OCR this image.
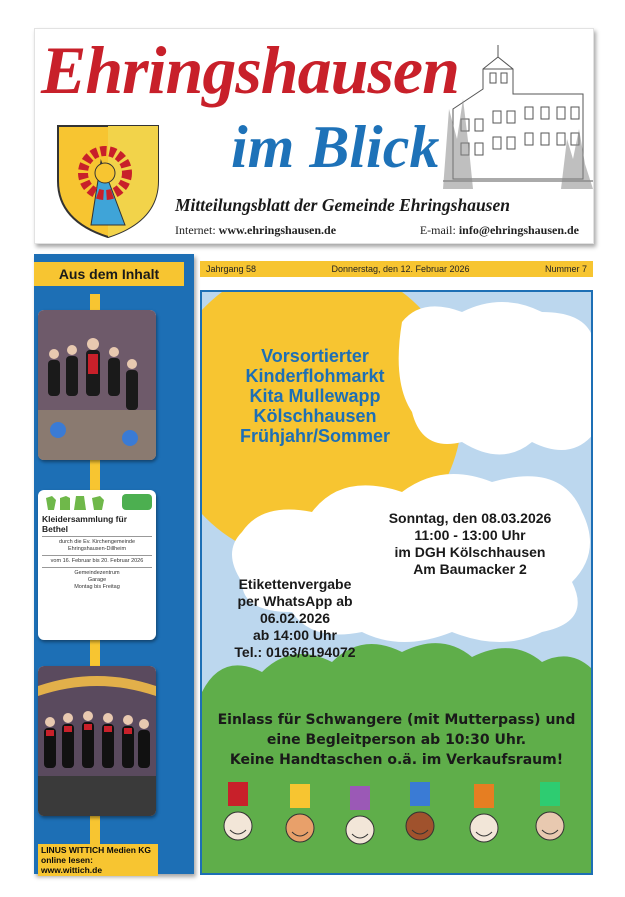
Ehringshausen
im Blick
Mitteilungsblatt der Gemeinde Ehringshausen
Internet: www.ehringshausen.de	E-mail: info@ehringshausen.de
Aus dem Inhalt
Kleidersammlung für Bethel
durch die Ev. Kirchengemeinde
Ehringshausen-Dillheim
vom 16. Februar bis 20. Februar 2026
Gemeindezentrum
Garage
Montag bis Freitag
LINUS WITTICH Medien KG
online lesen: www.wittich.de
Jahrgang 58	Donnerstag, den 12. Februar 2026	Nummer 7
Vorsortierter
Kinderflohmarkt
Kita Mullewapp
Kölschhausen
Frühjahr/Sommer
Sonntag, den 08.03.2026
11:00 - 13:00 Uhr
im DGH Kölschhausen
Am Baumacker 2
Etikettenvergabe
per WhatsApp ab
06.02.2026
ab 14:00 Uhr
Tel.: 0163/6194072
Einlass für Schwangere (mit Mutterpass) und
eine Begleitperson ab 10:30 Uhr.
Keine Handtaschen o.ä. im Verkaufsraum!
